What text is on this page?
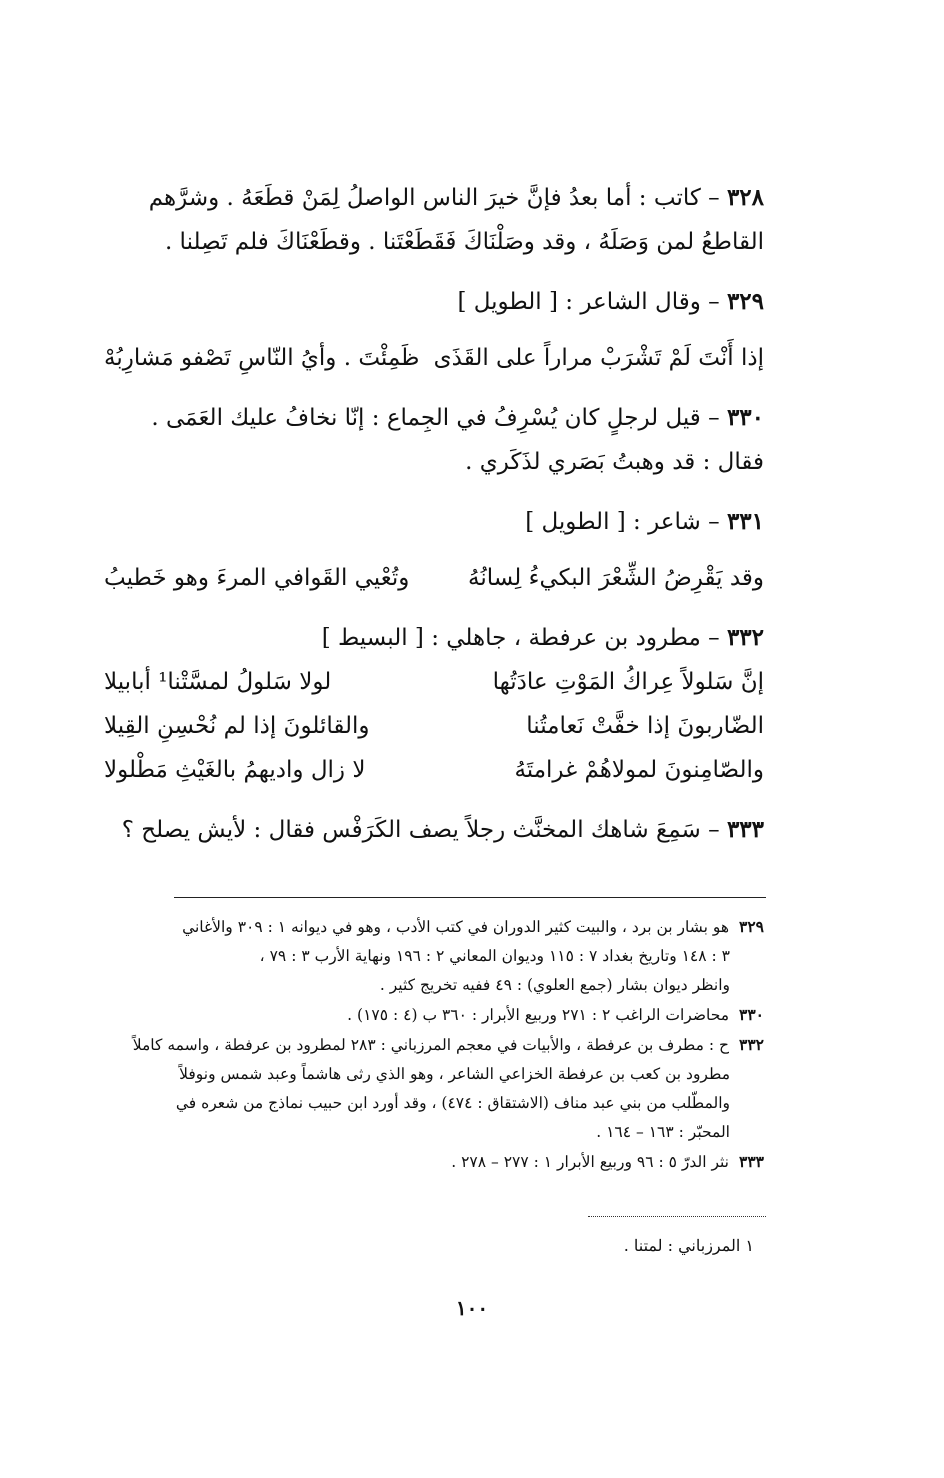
٣٢٨ – كاتب : أما بعدُ فإنَّ خيرَ الناس الواصلُ لِمَنْ قطَعَهُ . وشرَّهم

القاطعُ لمن وَصَلَهُ ، وقد وصَلْنَاكَ فَقَطَعْتَنا . وقطَعْنَاكَ فلم تَصِلنا .

٣٢٩ – وقال الشاعر : [ الطويل ]

إذا أَنْتَ لَمْ تَشْرَبْ مراراً على القَذَى
ظَمِئْتَ . وأيُ النّاسِ تَصْفو مَشارِبُهْ

٣٣٠ – قيل لرجلٍ كان يُسْرِفُ في الجِماع : إنّا نخافُ عليك العَمَى .

فقال : قد وهبتُ بَصَري لذَكَري .

٣٣١ – شاعر : [ الطويل ]

وقد يَقْرِضُ الشِّعْرَ البكيءُ لِسانُهُ
وتُعْيي القَوافي المرءَ وهو خَطيبُ

٣٣٢ – مطرود بن عرفطة ، جاهلي : [ البسيط ]

إنَّ سَلولاً عِراكُ المَوْتِ عادَتُها
لولا سَلولُ لمسَّتْنا¹ أبابيلا
الضّاربونَ إذا خفَّتْ نَعامتُنا
والقائلونَ إذا لم نُحْسِنِ القِيلا
والصّامِنونَ لمولاهُمْ غرامتَهُ
لا زال واديهمُ بالغَيْثِ مَطْلولا

٣٣٣ – سَمِعَ شاهك المخنَّث رجلاً يصف الكَرَفْس فقال : لأيش يصلح ؟

٣٢٩هو بشار بن برد ، والبيت كثير الدوران في كتب الأدب ، وهو في ديوانه ١ : ٣٠٩ والأغاني

٣ : ١٤٨ وتاريخ بغداد ٧ : ١١٥ وديوان المعاني ٢ : ١٩٦ ونهاية الأرب ٣ : ٧٩ ،

وانظر ديوان بشار (جمع العلوي) : ٤٩ ففيه تخريج كثير .

٣٣٠محاضرات الراغب ٢ : ٢٧١ وربيع الأبرار : ٣٦٠ ب (٤ : ١٧٥) .

٣٣٢ح : مطرف بن عرفطة ، والأبيات في معجم المرزباني : ٢٨٣ لمطرود بن عرفطة ، واسمه كاملاً

مطرود بن كعب بن عرفطة الخزاعي الشاعر ، وهو الذي رثى هاشماً وعبد شمس ونوفلاً

والمطّلب من بني عبد مناف (الاشتقاق : ٤٧٤) ، وقد أورد ابن حبيب نماذج من شعره في

المحبّر : ١٦٣ – ١٦٤ .

٣٣٣نثر الدرّ ٥ : ٩٦ وربيع الأبرار ١ : ٢٧٧ – ٢٧٨ .

١ المرزباني : لمتنا .
١٠٠
